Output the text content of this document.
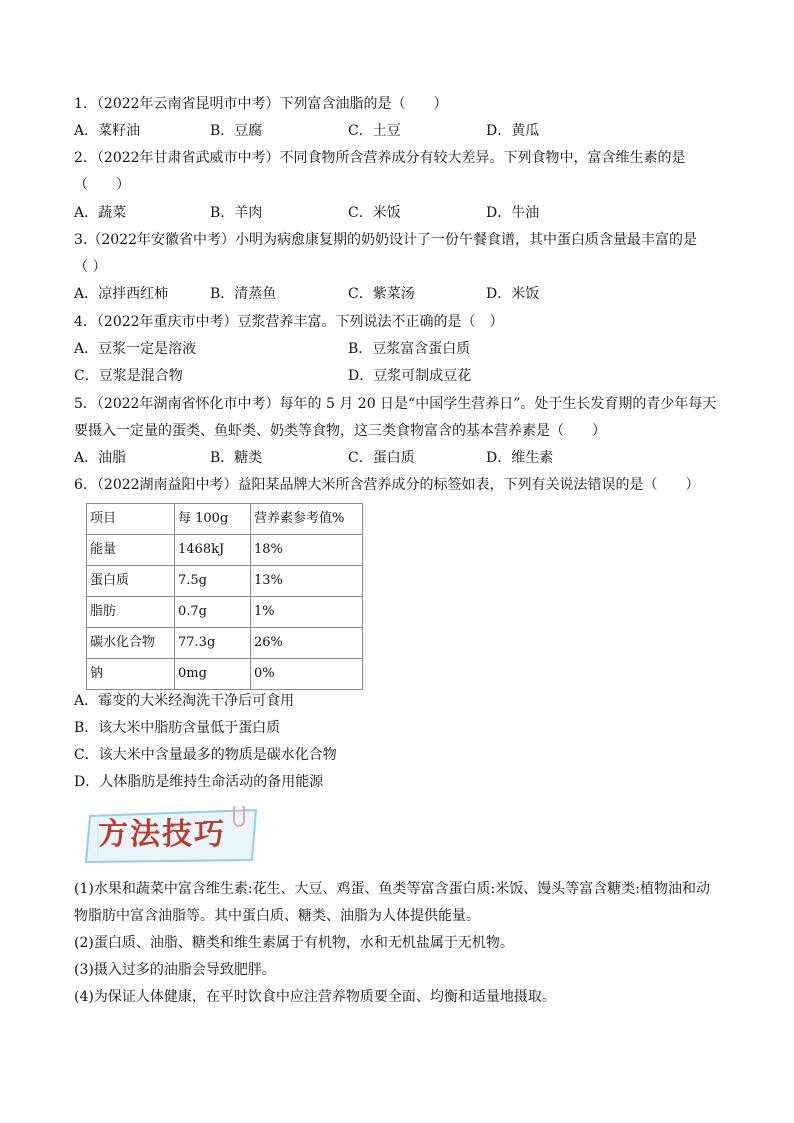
1．（2022年云南省昆明市中考）下列富含油脂的是（　　）
A．菜籽油	B．豆腐	C．土豆	D．黄瓜
2．（2022年甘肃省武威市中考）不同食物所含营养成分有较大差异。下列食物中，富含维生素的是
（　　）
A．蔬菜	B．羊肉	C．米饭	D．牛油
3.（2022年安徽省中考）小明为病愈康复期的奶奶设计了一份午餐食谱，其中蛋白质含量最丰富的是
（ ）
A．凉拌西红柿	B．清蒸鱼	C．紫菜汤	D．米饭
4．（2022年重庆市中考）豆浆营养丰富。下列说法不正确的是（　）
A．豆浆一定是溶液	B．豆浆富含蛋白质
C．豆浆是混合物	D．豆浆可制成豆花
5．（2022年湖南省怀化市中考）每年的 5 月 20 日是“中国学生营养日”。处于生长发育期的青少年每天
要摄入一定量的蛋类、鱼虾类、奶类等食物，这三类食物富含的基本营养素是（　　）
A．油脂	B．糖类	C．蛋白质	D．维生素
6．（2022湖南益阳中考）益阳某品牌大米所含营养成分的标签如表，下列有关说法错误的是（　　）
项目	每 100g	营养素参考值%
能量	1468kJ	18%
蛋白质	7.5g	13%
脂肪	0.7g	1%
碳水化合物	77.3g	26%
钠	0mg	0%
A．霉变的大米经淘洗干净后可食用
B．该大米中脂肪含量低于蛋白质
C．该大米中含量最多的物质是碳水化合物
D．人体脂肪是维持生命活动的备用能源
方法技巧
(1)水果和蔬菜中富含维生素:花生、大豆、鸡蛋、鱼类等富含蛋白质:米饭、馒头等富含糖类:植物油和动
物脂肪中富含油脂等。其中蛋白质、糖类、油脂为人体提供能量。
(2)蛋白质、油脂、糖类和维生素属于有机物，水和无机盐属于无机物。
(3)摄入过多的油脂会导致肥胖。
(4)为保证人体健康，在平时饮食中应注营养物质要全面、均衡和适量地摄取。
